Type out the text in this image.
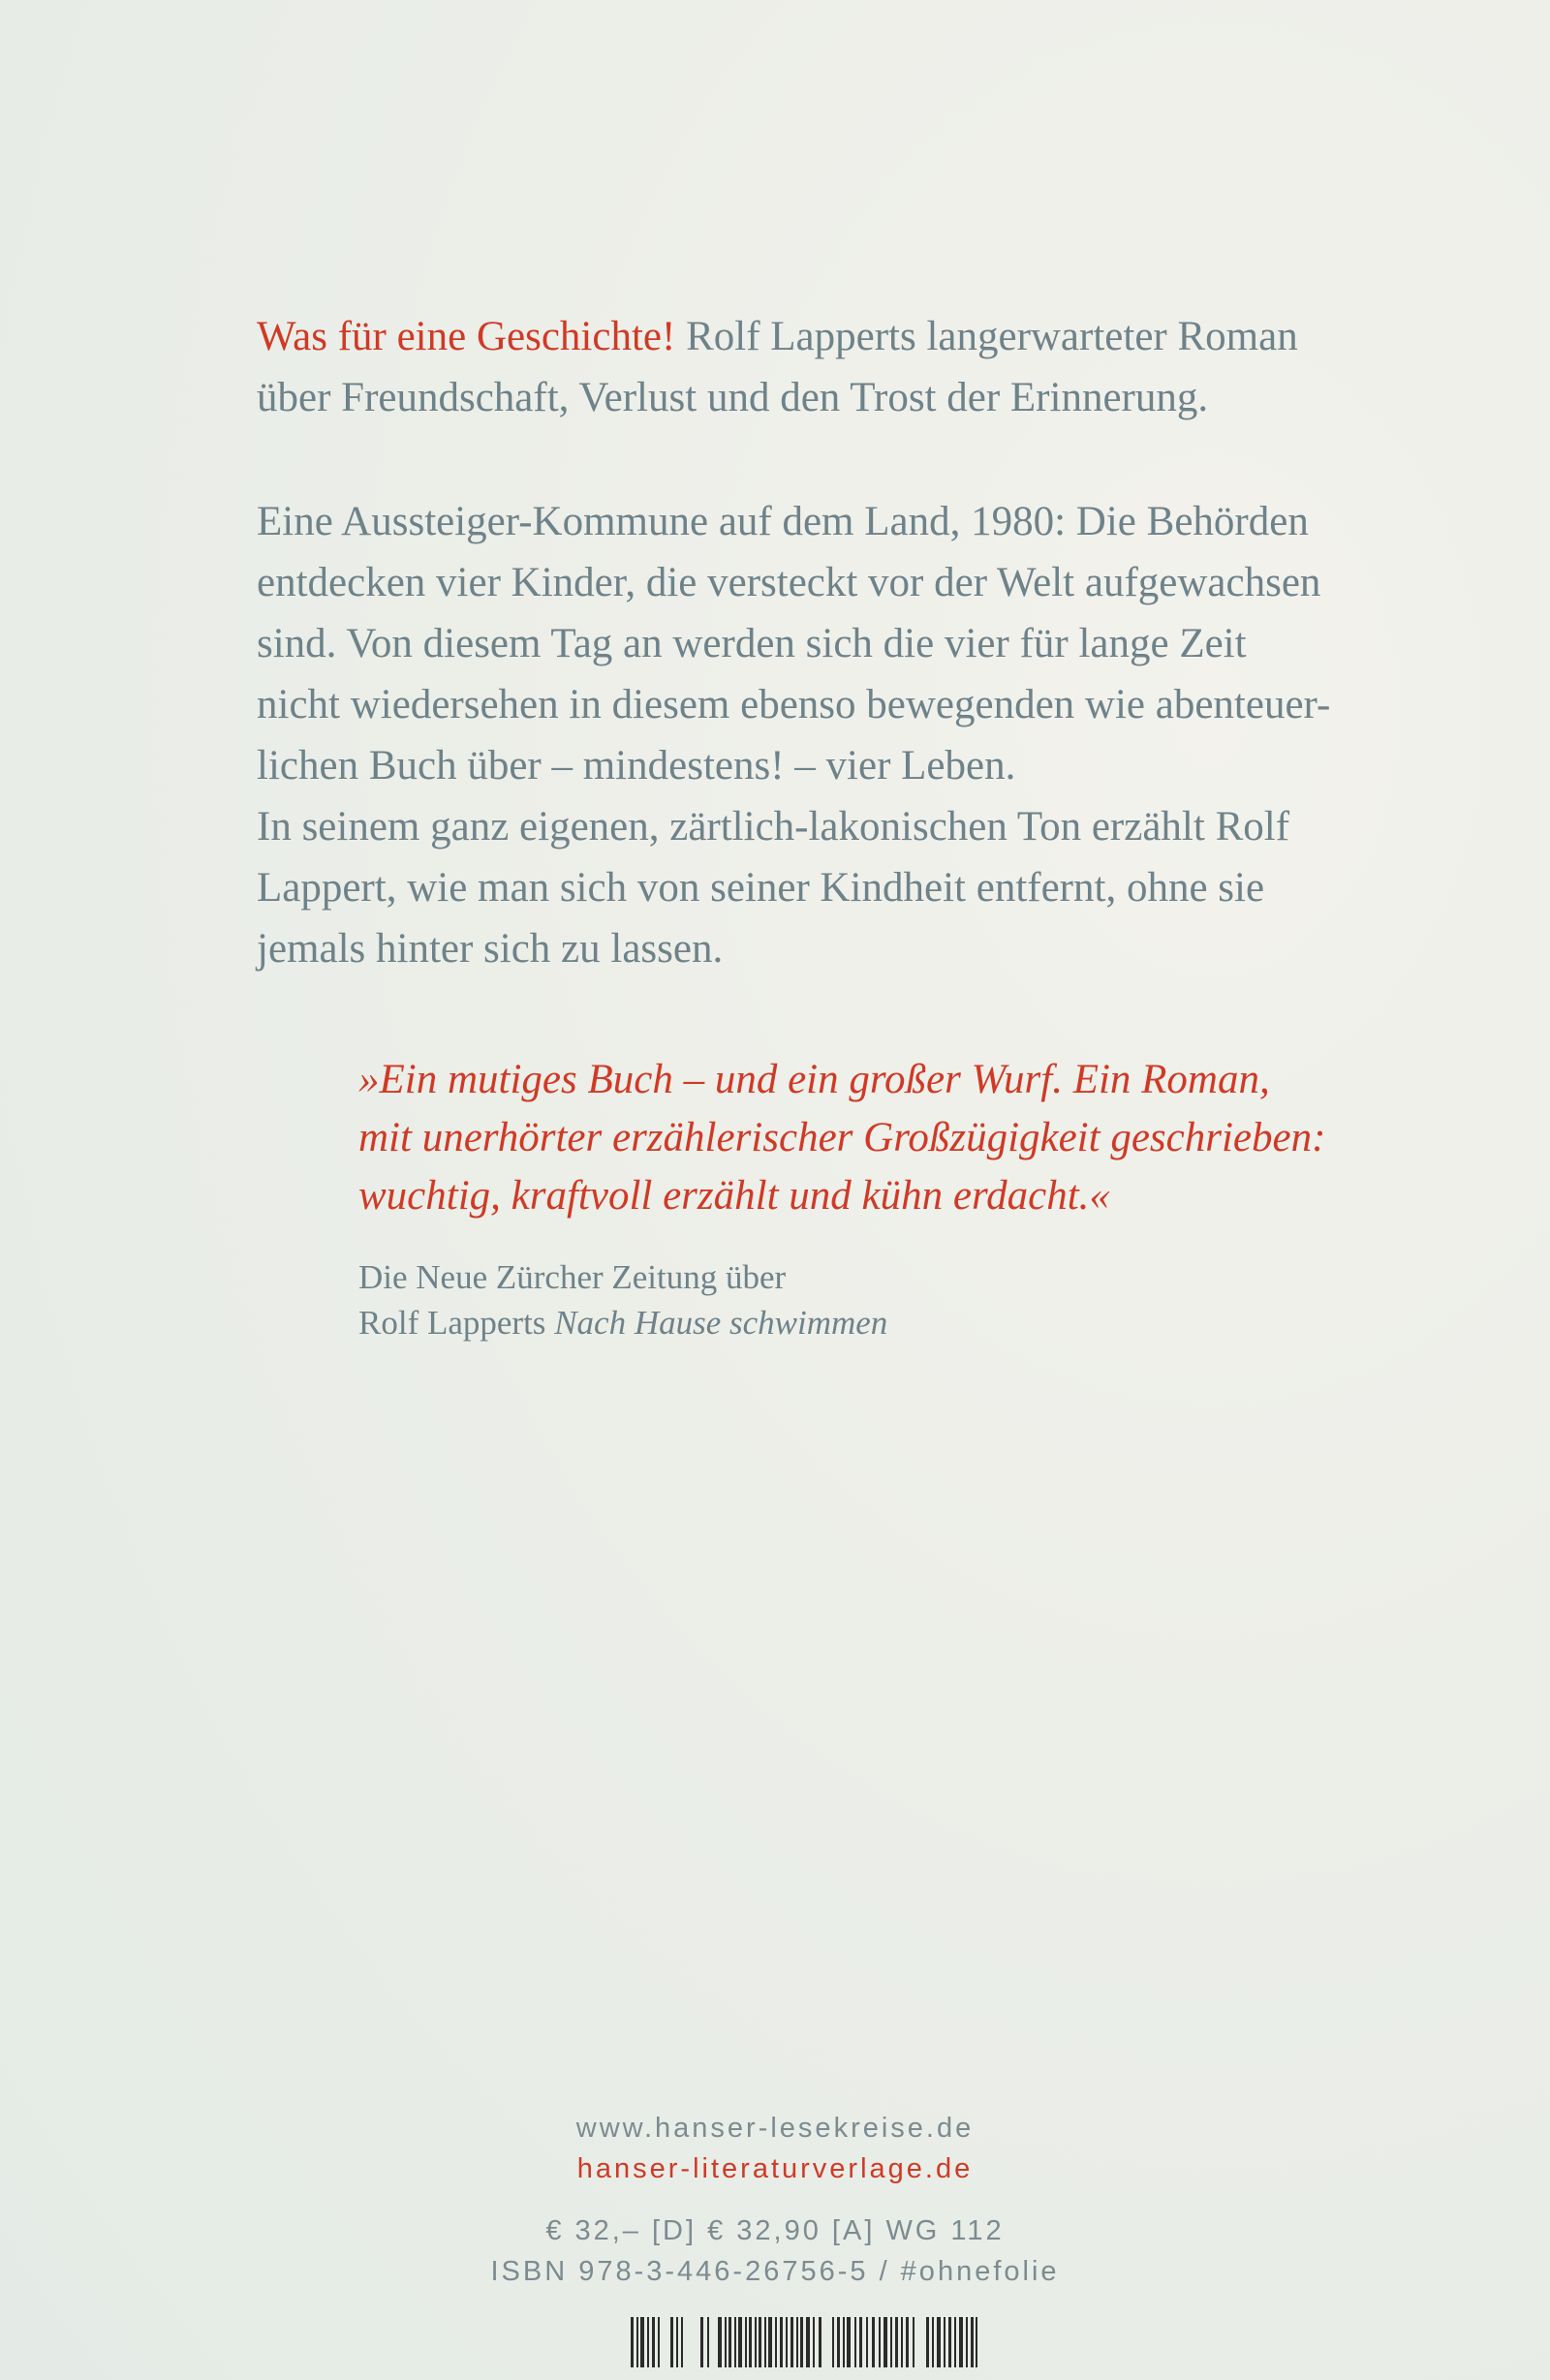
Was für eine Geschichte! Rolf Lapperts langerwarteter Roman
über Freundschaft, Verlust und den Trost der Erinnerung.
Eine Aussteiger-Kommune auf dem Land, 1980: Die Behörden
entdecken vier Kinder, die versteckt vor der Welt aufgewachsen
sind. Von diesem Tag an werden sich die vier für lange Zeit
nicht wiedersehen in diesem ebenso bewegenden wie abenteuer-
lichen Buch über – mindestens! – vier Leben.
In seinem ganz eigenen, zärtlich-lakonischen Ton erzählt Rolf
Lappert, wie man sich von seiner Kindheit entfernt, ohne sie
jemals hinter sich zu lassen.
»Ein mutiges Buch – und ein großer Wurf. Ein Roman,
mit unerhörter erzählerischer Großzügigkeit geschrieben:
wuchtig, kraftvoll erzählt und kühn erdacht.«
Die Neue Zürcher Zeitung über
Rolf Lapperts Nach Hause schwimmen
www.hanser-lesekreise.de
hanser-literaturverlage.de
€ 32,– [D] € 32,90 [A] WG 112
ISBN 978-3-446-26756-5 / #ohnefolie
